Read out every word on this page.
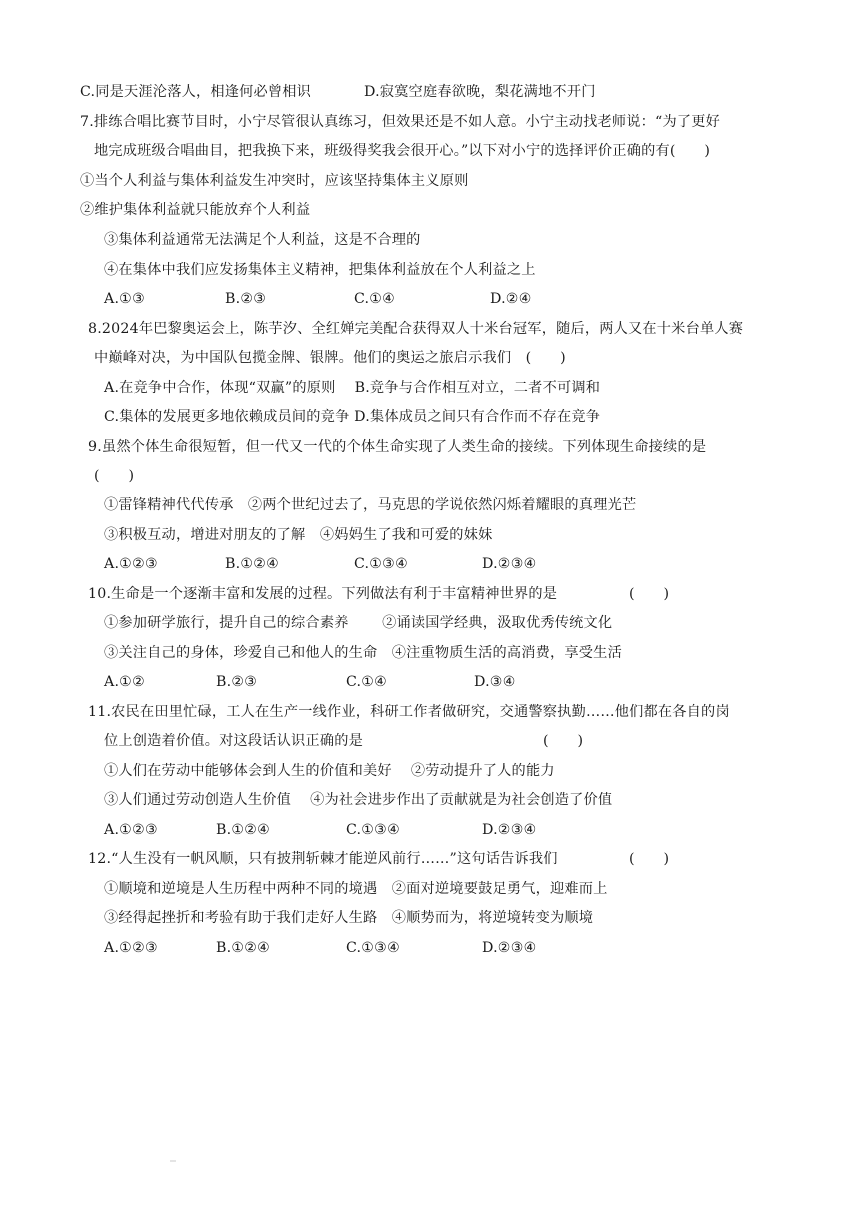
C.同是天涯沦落人，相逢何必曾相识	D.寂寞空庭春欲晚，梨花满地不开门
7.排练合唱比赛节目时，小宁尽管很认真练习，但效果还是不如人意。小宁主动找老师说：“为了更好
地完成班级合唱曲目，把我换下来，班级得奖我会很开心。”以下对小宁的选择评价正确的有(　　)
①当个人利益与集体利益发生冲突时，应该坚持集体主义原则
②维护集体利益就只能放弃个人利益
③集体利益通常无法满足个人利益，这是不合理的
④在集体中我们应发扬集体主义精神，把集体利益放在个人利益之上
A.①③	B.②③	C.①④	D.②④
8.2024年巴黎奥运会上，陈芋汐、全红婵完美配合获得双人十米台冠军，随后，两人又在十米台单人赛
中巅峰对决，为中国队包揽金牌、银牌。他们的奥运之旅启示我们　(　　)
A.在竞争中合作，体现“双赢”的原则　 B.竞争与合作相互对立，二者不可调和
C.集体的发展更多地依赖成员间的竞争 D.集体成员之间只有合作而不存在竞争
9.虽然个体生命很短暂，但一代又一代的个体生命实现了人类生命的接续。下列体现生命接续的是
(　　)
①雷锋精神代代传承　②两个世纪过去了，马克思的学说依然闪烁着耀眼的真理光芒
③积极互动，增进对朋友的了解　④妈妈生了我和可爱的妹妹
A.①②③	B.①②④	C.①③④	D.②③④
10.生命是一个逐渐丰富和发展的过程。下列做法有利于丰富精神世界的是	(　　)
①参加研学旅行，提升自己的综合素养　　 ②诵读国学经典，汲取优秀传统文化
③关注自己的身体，珍爱自己和他人的生命　④注重物质生活的高消费，享受生活
A.①②	B.②③	C.①④	D.③④
11.农民在田里忙碌，工人在生产一线作业，科研工作者做研究，交通警察执勤……他们都在各自的岗
位上创造着价值。对这段话认识正确的是	(　　)
①人们在劳动中能够体会到人生的价值和美好　 ②劳动提升了人的能力
③人们通过劳动创造人生价值　 ④为社会进步作出了贡献就是为社会创造了价值
A.①②③	B.①②④	C.①③④	D.②③④
12.“人生没有一帆风顺，只有披荆斩棘才能逆风前行……”这句话告诉我们	(　　)
①顺境和逆境是人生历程中两种不同的境遇　②面对逆境要鼓足勇气，迎难而上
③经得起挫折和考验有助于我们走好人生路　④顺势而为，将逆境转变为顺境
A.①②③	B.①②④	C.①③④	D.②③④
